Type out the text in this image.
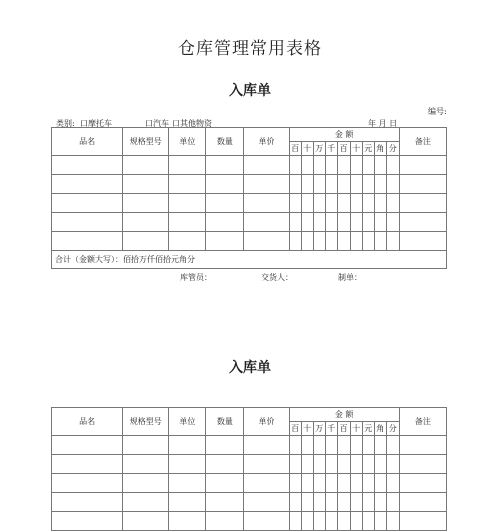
仓库管理常用表格
入库单
编号:
类别: 口摩托车	口汽车 口其他物资	年 月 日
品名	规格型号	单位	数量	单价	金 额									备注
					百	十	万	千	百	十	元	角	分	

合计（金额大写）：佰拾万仟佰拾元角分														
库管员：	交货人：	制单：
入库单
品名	规格型号	单位	数量	单价	金 额									备注
					百	十	万	千	百	十	元	角	分	
